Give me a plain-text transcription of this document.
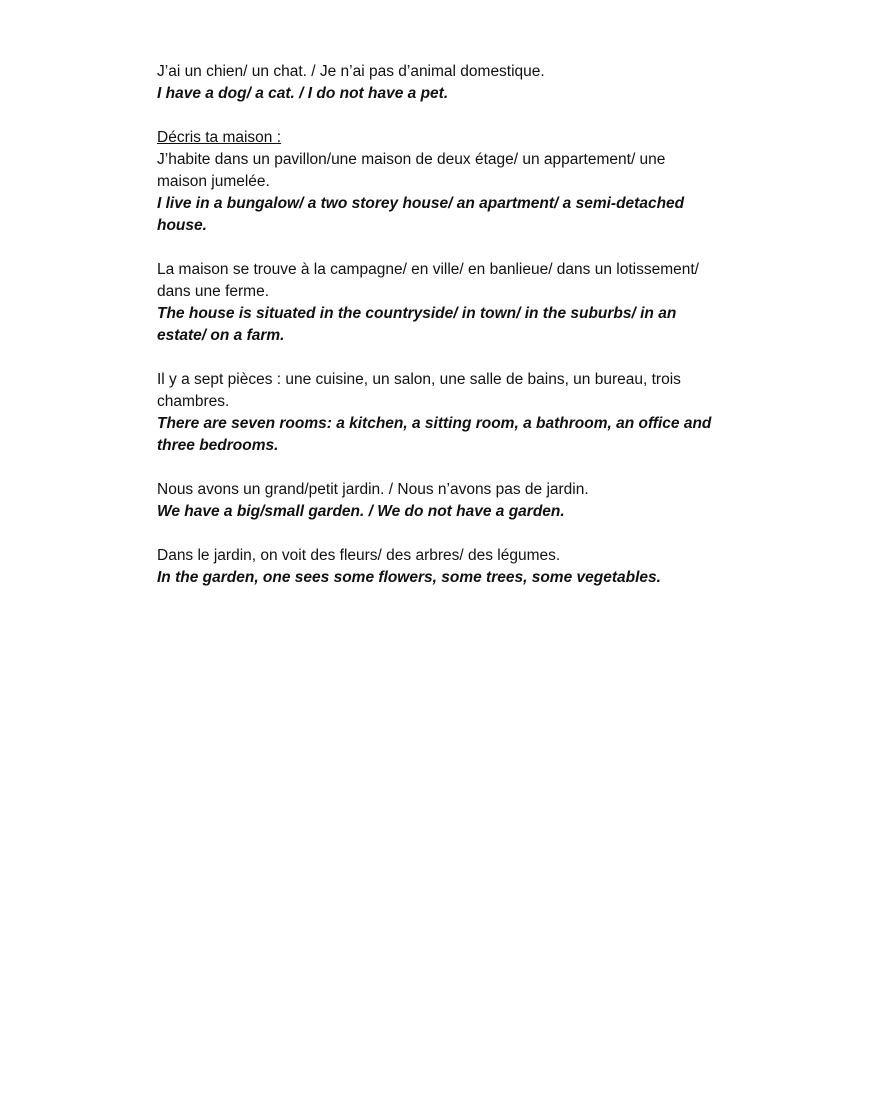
J’ai un chien/ un chat. / Je n’ai pas d’animal domestique.
I have a dog/ a cat. / I do not have a pet.
Décris ta maison :
J’habite dans un pavillon/une maison de deux étage/ un appartement/ une
maison jumelée.
I live in a bungalow/ a two storey house/ an apartment/ a semi-detached
house.
La maison se trouve à la campagne/ en ville/ en banlieue/ dans un lotissement/
dans une ferme.
The house is situated in the countryside/ in town/ in the suburbs/ in an
estate/ on a farm.
Il y a sept pièces : une cuisine, un salon, une salle de bains, un bureau, trois
chambres.
There are seven rooms: a kitchen, a sitting room, a bathroom, an office and
three bedrooms.
Nous avons un grand/petit jardin. / Nous n’avons pas de jardin.
We have a big/small garden. / We do not have a garden.
Dans le jardin, on voit des fleurs/ des arbres/ des légumes.
In the garden, one sees some flowers, some trees, some vegetables.
